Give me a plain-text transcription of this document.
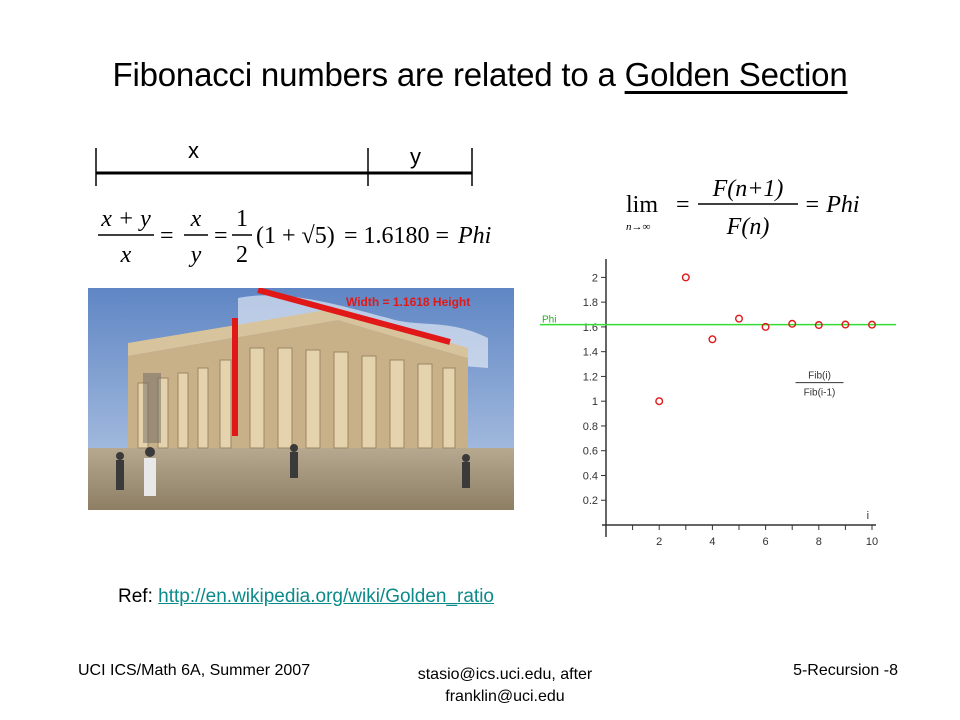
Fibonacci numbers are related to a Golden Section
x	y
x + y
x
=
x
y
=
1
2
(1 + √5) = 1.6180 = Phi
lim
n→∞
=
F(n+1)
F(n)
= Phi
Width = 1.1618 Height
0.2
0.4
0.6
0.8
1
1.2
1.4
1.6
1.8
2
2	4	6	8	10
i
Phi
Fib(i)
Fib(i-1)
Ref: http://en.wikipedia.org/wiki/Golden_ratio
UCI ICS/Math 6A, Summer 2007	stasio@ics.uci.edu, after
franklin@uci.edu
5-Recursion -8
